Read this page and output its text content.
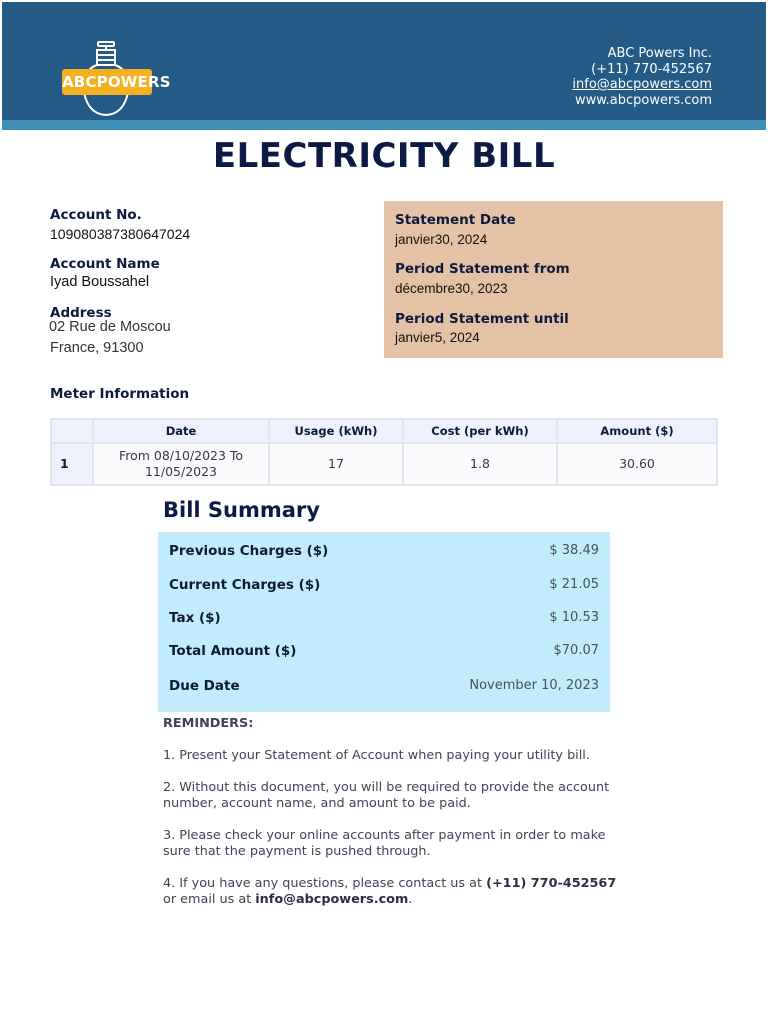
ABCPOWERS
ABC Powers Inc.
(+11) 770-452567
info@abcpowers.com
www.abcpowers.com
ELECTRICITY BILL
Account No.
109080387380647024
Account Name
Iyad Boussahel
Address
02 Rue de Moscou
France, 91300
Statement Date
janvier30, 2024
Period Statement from
décembre30, 2023
Period Statement until
janvier5, 2024
Meter Information
	Date	Usage (kWh)	Cost (per kWh)	Amount ($)
1	From 08/10/2023 To 11/05/2023	17	1.8	30.60
Bill Summary
Previous Charges ($)	$ 38.49
Current Charges ($)	$ 21.05
Tax ($)	$ 10.53
Total Amount ($)	$70.07
Due Date	November 10, 2023
REMINDERS:

1. Present your Statement of Account when paying your utility bill.

2. Without this document, you will be required to provide the account number, account name, and amount to be paid.

3. Please check your online accounts after payment in order to make sure that the payment is pushed through.

4. If you have any questions, please contact us at (+11) 770-452567 or email us at info@abcpowers.com.
